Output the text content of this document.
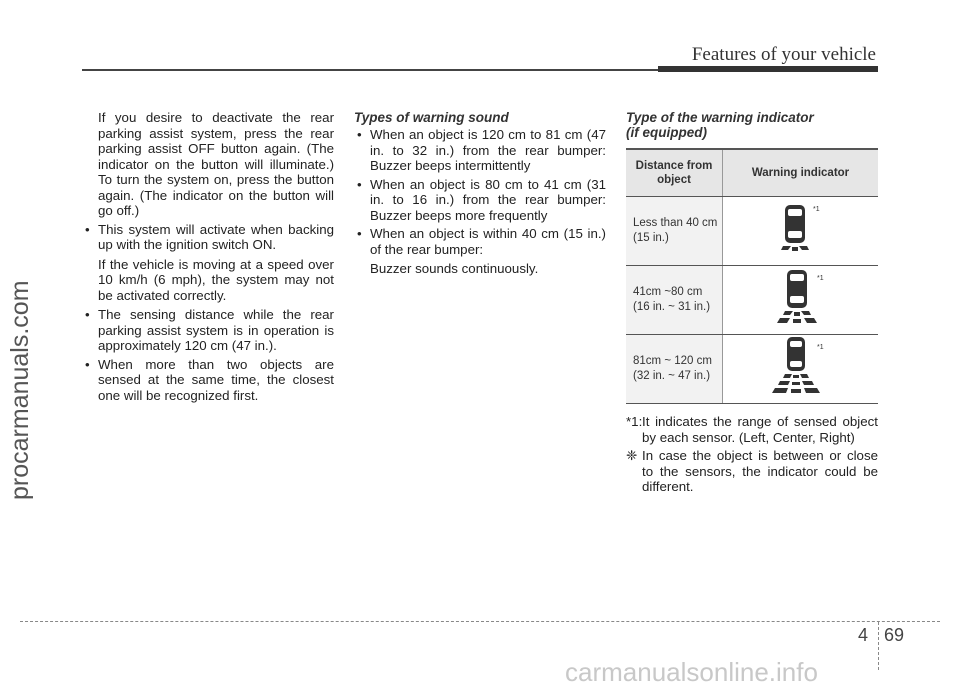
Features of your vehicle
procarmanuals.com

If you desire to deactivate the rear parking assist system, press the rear parking assist OFF button again. (The indicator on the button will illuminate.) To turn the system on, press the button again. (The indicator on the button will go off.)

• This system will activate when backing up with the ignition switch ON.

If the vehicle is moving at a speed over 10 km/h (6 mph), the system may not be activated correctly.

• The sensing distance while the rear parking assist system is in operation is approximately 120 cm (47 in.).
• When more than two objects are sensed at the same time, the closest one will be recognized first.
Types of warning sound
• When an object is 120 cm to 81 cm (47 in. to 32 in.) from the rear bumper: Buzzer beeps intermittently
• When an object is 80 cm to 41 cm (31 in. to 16 in.) from the rear bumper: Buzzer beeps more frequently
• When an object is within 40 cm (15 in.) of the rear bumper:

Buzzer sounds continuously.

Type of the warning indicator
(if equipped)
Distance from
object	Warning indicator
Less than 40 cm
(15 in.)	*1

41cm ~80 cm
(16 in. ~ 31 in.)	*1

81cm ~ 120 cm
(32 in. ~ 47 in.)	*1

*1: It indicates the range of sensed object by each sensor. (Left, Center, Right)

❈ In case the object is between or close to the sensors, the indicator could be different.

4 69
carmanualsonline.info
